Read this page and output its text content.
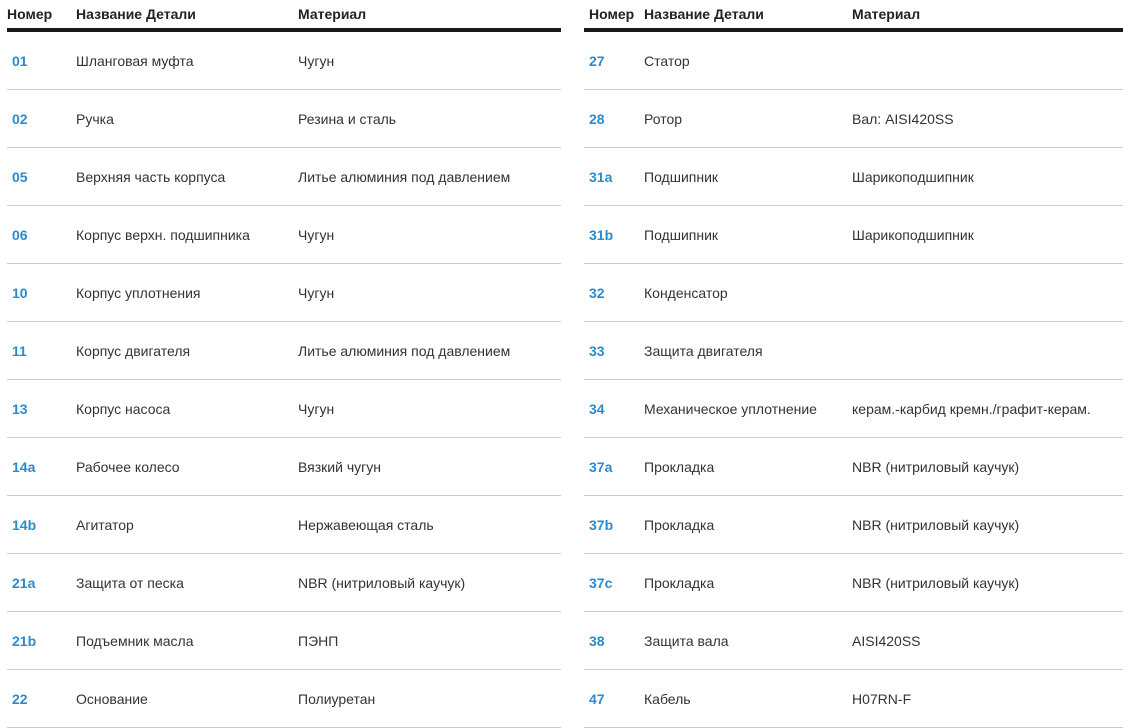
Номер	Название Детали	Материал
01	Шланговая муфта	Чугун
02	Ручка	Резина и сталь
05	Верхняя часть корпуса	Литье алюминия под давлением
06	Корпус верхн. подшипника	Чугун
10	Корпус уплотнения	Чугун
11	Корпус двигателя	Литье алюминия под давлением
13	Корпус насоса	Чугун
14a	Рабочее колесо	Вязкий чугун
14b	Агитатор	Нержавеющая сталь
21a	Защита от песка	NBR (нитриловый каучук)
21b	Подъемник масла	ПЭНП
22	Основание	Полиуретан
Номер	Название Детали	Материал
27	Статор	
28	Ротор	Вал: AISI420SS
31a	Подшипник	Шарикоподшипник
31b	Подшипник	Шарикоподшипник
32	Конденсатор	
33	Защита двигателя	
34	Механическое уплотнение	керам.-карбид кремн./графит-керам.
37a	Прокладка	NBR (нитриловый каучук)
37b	Прокладка	NBR (нитриловый каучук)
37c	Прокладка	NBR (нитриловый каучук)
38	Защита вала	AISI420SS
47	Кабель	H07RN-F
